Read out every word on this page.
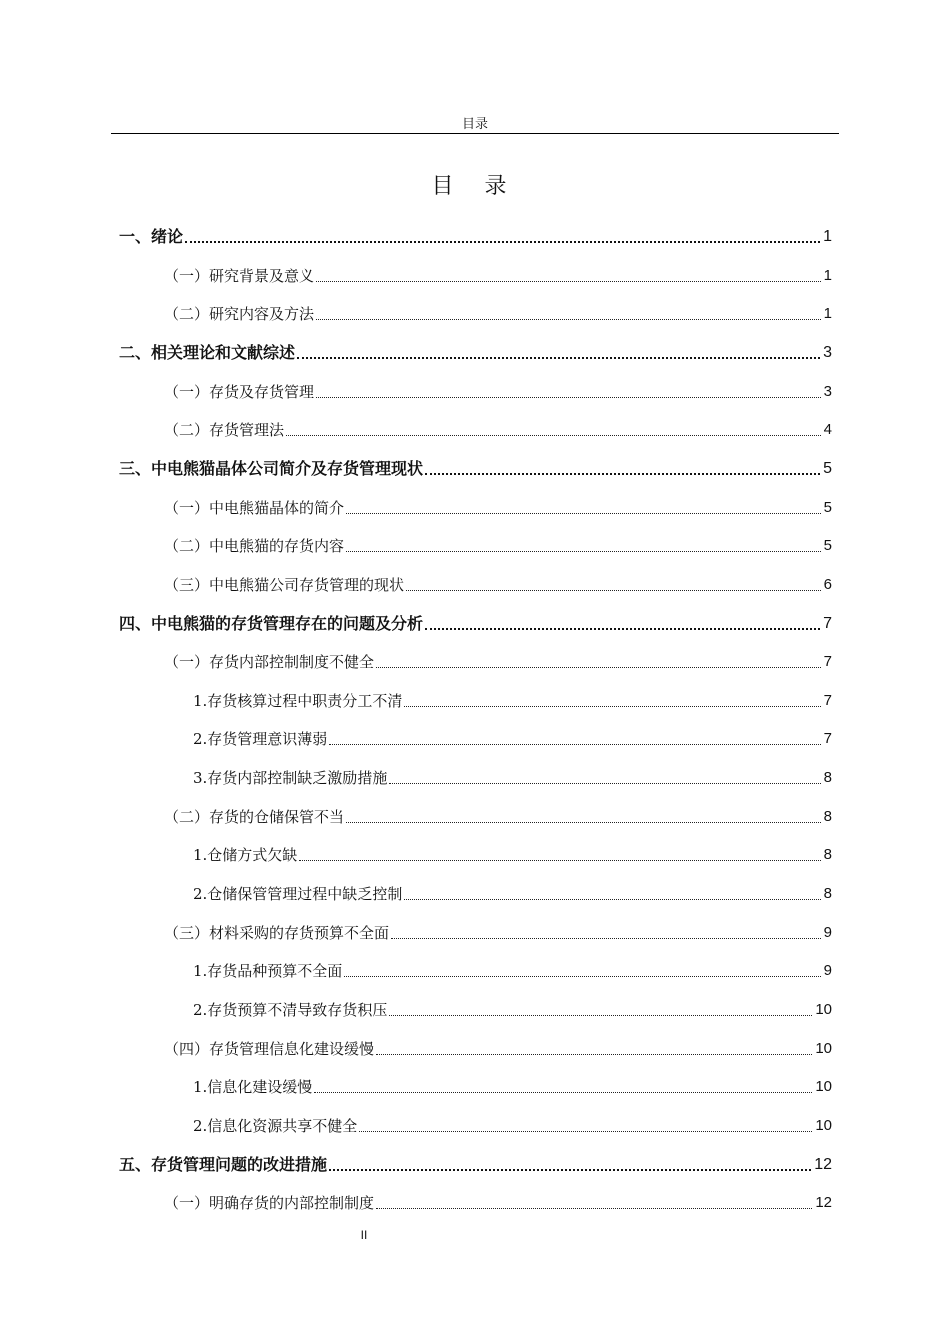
目录
目 录
一、绪论	1
（一）研究背景及意义	1
（二）研究内容及方法	1
二、相关理论和文献综述	3
（一）存货及存货管理	3
（二）存货管理法	4
三、中电熊猫晶体公司简介及存货管理现状	5
（一）中电熊猫晶体的简介	5
（二）中电熊猫的存货内容	5
（三）中电熊猫公司存货管理的现状	6
四、中电熊猫的存货管理存在的问题及分析	7
（一）存货内部控制制度不健全	7
1.存货核算过程中职责分工不清	7
2.存货管理意识薄弱	7
3.存货内部控制缺乏激励措施	8
（二）存货的仓储保管不当	8
1.仓储方式欠缺	8
2.仓储保管管理过程中缺乏控制	8
（三）材料采购的存货预算不全面	9
1.存货品种预算不全面	9
2.存货预算不清导致存货积压	10
（四）存货管理信息化建设缓慢	10
1.信息化建设缓慢	10
2.信息化资源共享不健全	10
五、存货管理问题的改进措施	12
（一）明确存货的内部控制制度	12
II
